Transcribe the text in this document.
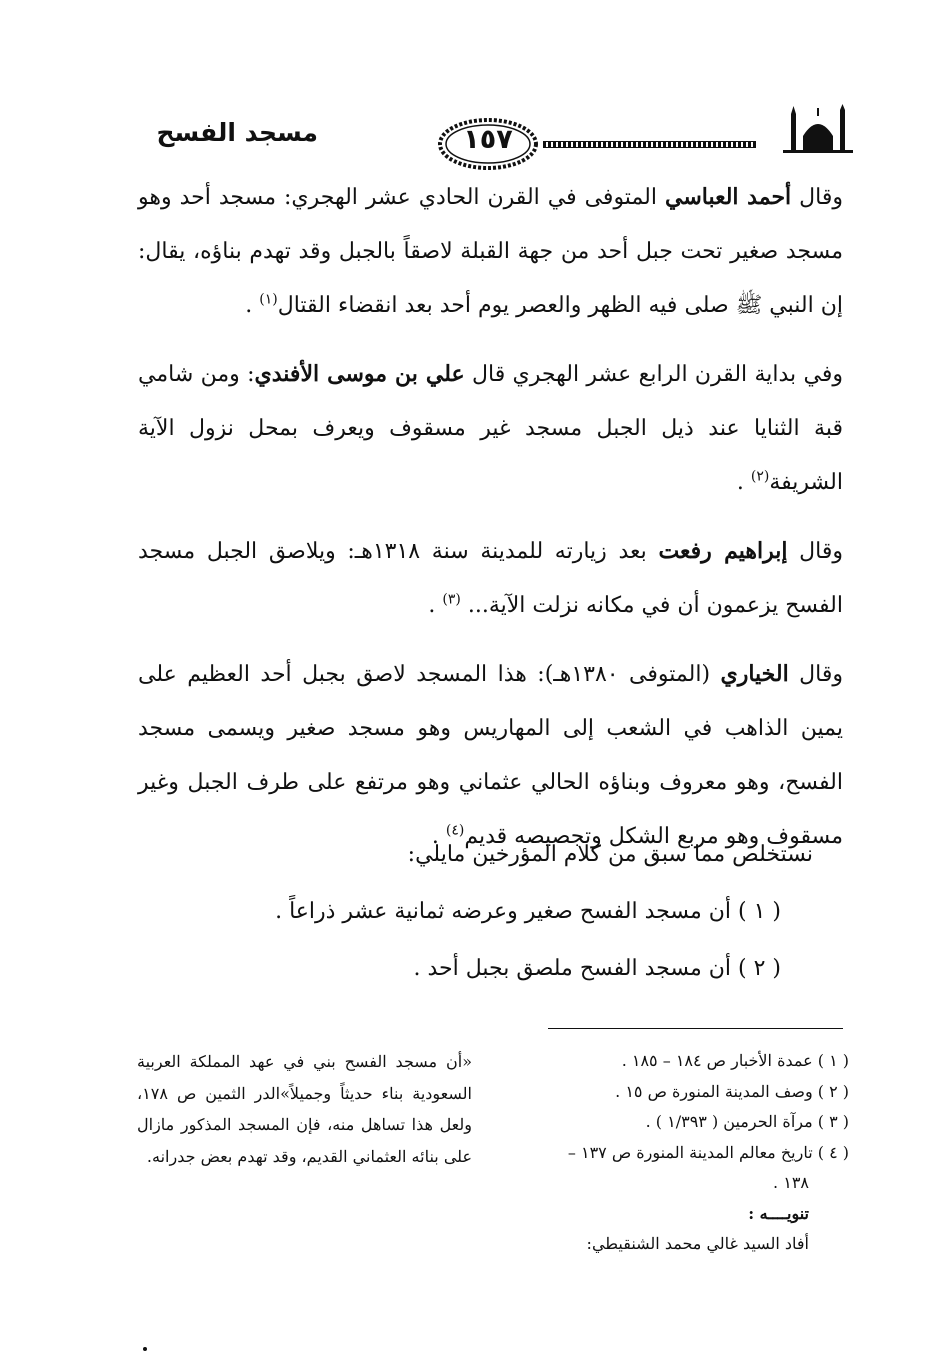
١٥٧
مسجد الفسح

وقال أحمد العباسي المتوفى في القرن الحادي عشر الهجري: مسجد أحد وهو مسجد صغير تحت جبل أحد من جهة القبلة لاصقاً بالجبل وقد تهدم بناؤه، يقال: إن النبي ﷺ صلى فيه الظهر والعصر يوم أحد بعد انقضاء القتال$^{(١)}$ .

وفي بداية القرن الرابع عشر الهجري قال علي بن موسى الأفندي: ومن شامي قبة الثنايا عند ذيل الجبل مسجد غير مسقوف ويعرف بمحل نزول الآية الشريفة$^{(٢)}$ .

وقال إبراهيم رفعت بعد زيارته للمدينة سنة ١٣١٨هـ: ويلاصق الجبل مسجد الفسح يزعمون أن في مكانه نزلت الآية... $^{(٣)}$ .

وقال الخياري (المتوفى ١٣٨٠هـ): هذا المسجد لاصق بجبل أحد العظيم على يمين الذاهب في الشعب إلى المهاريس وهو مسجد صغير ويسمى مسجد الفسح، وهو معروف وبناؤه الحالي عثماني وهو مرتفع على طرف الجبل وغير مسقوف وهو مربع الشكل وتجصيصه قديم$^{(٤)}$ .

نستخلص مما سبق من كلام المؤرخين مايلي:
( ١ ) أن مسجد الفسح صغير وعرضه ثمانية عشر ذراعاً .
( ٢ ) أن مسجد الفسح ملصق بجبل أحد .
( ١ ) عمدة الأخبار ص ١٨٤ – ١٨٥ .
( ٢ ) وصف المدينة المنورة ص ١٥ .
( ٣ ) مرآة الحرمين ( ١/٣٩٣ ) .
( ٤ ) تاريخ معالم المدينة المنورة ص ١٣٧ –
١٣٨ .
تنويــــه :
أفاد السيد غالي محمد الشنقيطي:
«أن مسجد الفسح بني في عهد المملكة العربية السعودية بناء حديثاً وجميلاً»الدر الثمين ص ١٧٨، ولعل هذا تساهل منه، فإن المسجد المذكور مازال على بنائه العثماني القديم، وقد تهدم بعض جدرانه.
